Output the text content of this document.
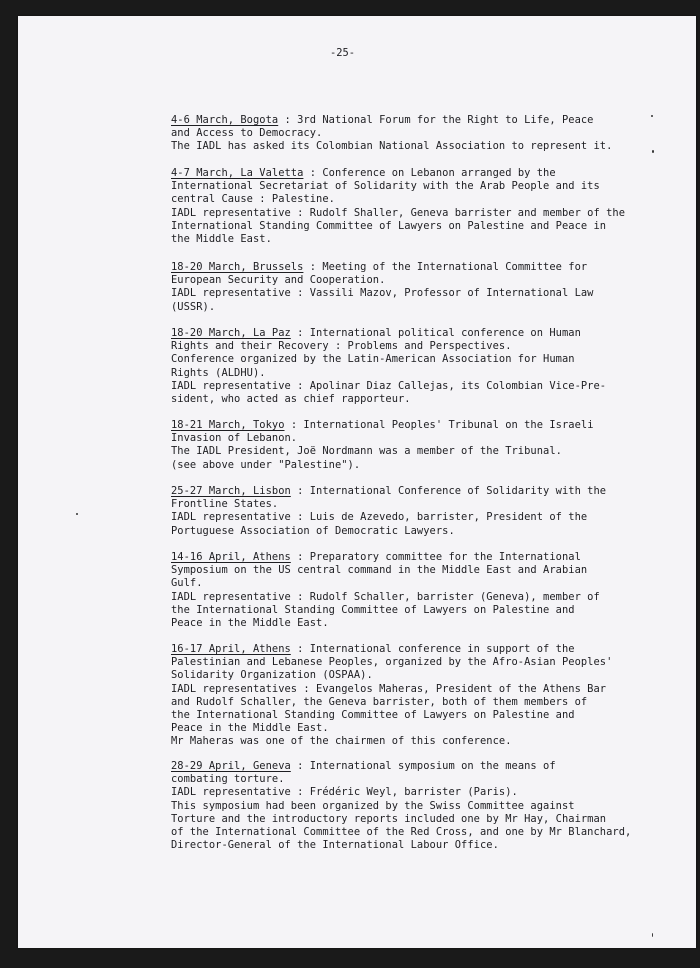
-25-
4-6 March, Bogota : 3rd National Forum for the Right to Life, Peace
and Access to Democracy.
The IADL has asked its Colombian National Association to represent it.
4-7 March, La Valetta : Conference on Lebanon arranged by the
International Secretariat of Solidarity with the Arab People and its
central Cause : Palestine.
IADL representative : Rudolf Shaller, Geneva barrister and member of the
International Standing Committee of Lawyers on Palestine and Peace in
the Middle East.
18-20 March, Brussels : Meeting of the International Committee for
European Security and Cooperation.
IADL representative : Vassili Mazov, Professor of International Law
(USSR).
18-20 March, La Paz : International political conference on Human
Rights and their Recovery : Problems and Perspectives.
Conference organized by the Latin-American Association for Human
Rights (ALDHU).
IADL representative : Apolinar Diaz Callejas, its Colombian Vice-Pre-
sident, who acted as chief rapporteur.
18-21 March, Tokyo : International Peoples' Tribunal on the Israeli
Invasion of Lebanon.
The IADL President, Joë Nordmann was a member of the Tribunal.
(see above under "Palestine").
25-27 March, Lisbon : International Conference of Solidarity with the
Frontline States.
IADL representative : Luis de Azevedo, barrister, President of the
Portuguese Association of Democratic Lawyers.
14-16 April, Athens : Preparatory committee for the International
Symposium on the US central command in the Middle East and Arabian
Gulf.
IADL representative : Rudolf Schaller, barrister (Geneva), member of
the International Standing Committee of Lawyers on Palestine and
Peace in the Middle East.
16-17 April, Athens : International conference in support of the
Palestinian and Lebanese Peoples, organized by the Afro-Asian Peoples'
Solidarity Organization (OSPAA).
IADL representatives : Evangelos Maheras, President of the Athens Bar
and Rudolf Schaller, the Geneva barrister, both of them members of
the International Standing Committee of Lawyers on Palestine and
Peace in the Middle East.
Mr Maheras was one of the chairmen of this conference.
28-29 April, Geneva : International symposium on the means of
combating torture.
IADL representative : Frédéric Weyl, barrister (Paris).
This symposium had been organized by the Swiss Committee against
Torture and the introductory reports included one by Mr Hay, Chairman
of the International Committee of the Red Cross, and one by Mr Blanchard,
Director-General of the International Labour Office.
